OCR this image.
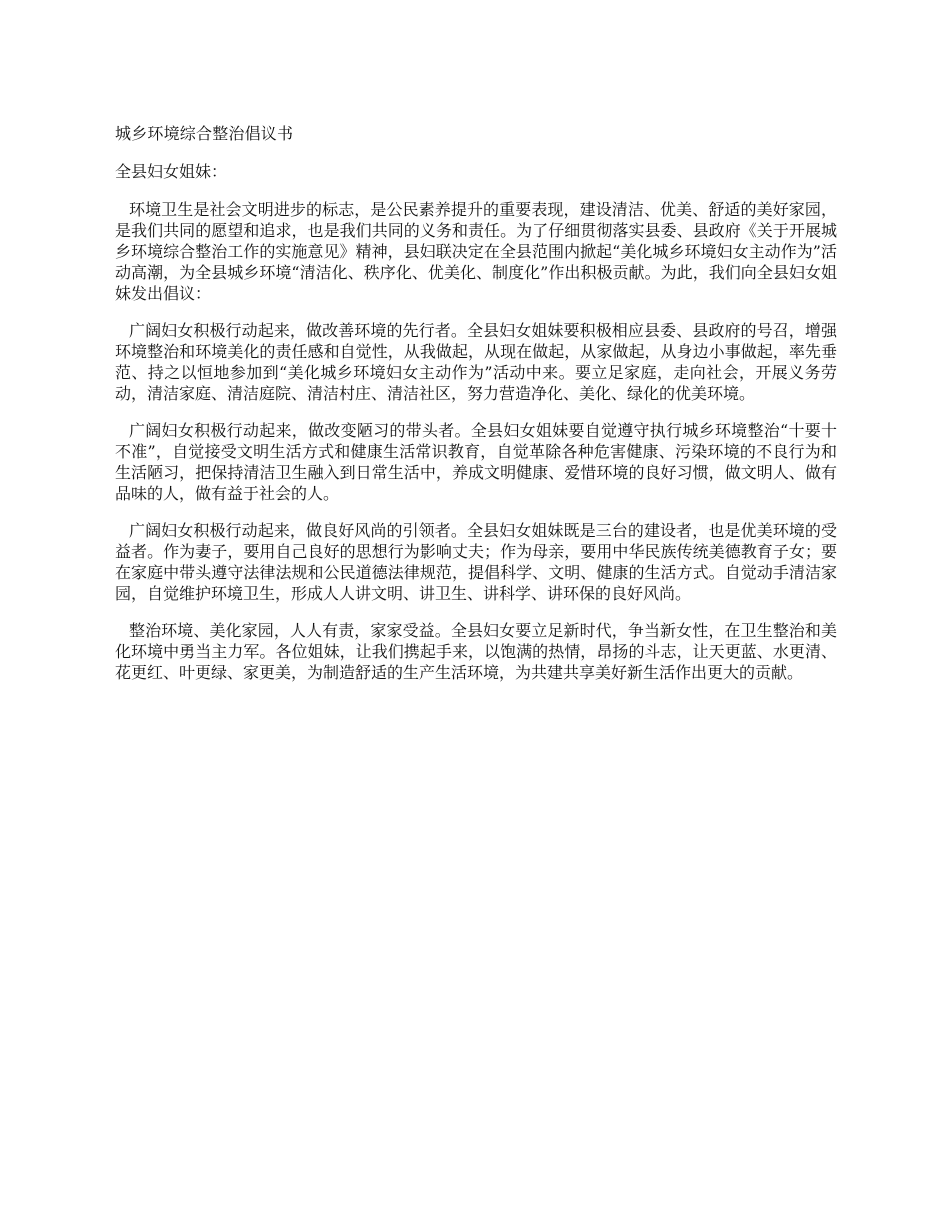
城乡环境综合整治倡议书
全县妇女姐妹：

环境卫生是社会文明进步的标志，是公民素养提升的重要表现，建设清洁、优美、舒适的美好家园，是我们共同的愿望和追求，也是我们共同的义务和责任。为了仔细贯彻落实县委、县政府《关于开展城乡环境综合整治工作的实施意见》精神，县妇联决定在全县范围内掀起“美化城乡环境妇女主动作为”活动高潮，为全县城乡环境“清洁化、秩序化、优美化、制度化”作出积极贡献。为此，我们向全县妇女姐妹发出倡议：

广阔妇女积极行动起来，做改善环境的先行者。全县妇女姐妹要积极相应县委、县政府的号召，增强环境整治和环境美化的责任感和自觉性，从我做起，从现在做起，从家做起，从身边小事做起，率先垂范、持之以恒地参加到“美化城乡环境妇女主动作为”活动中来。要立足家庭，走向社会，开展义务劳动，清洁家庭、清洁庭院、清洁村庄、清洁社区，努力营造净化、美化、绿化的优美环境。

广阔妇女积极行动起来，做改变陋习的带头者。全县妇女姐妹要自觉遵守执行城乡环境整治“十要十不准”，自觉接受文明生活方式和健康生活常识教育，自觉革除各种危害健康、污染环境的不良行为和生活陋习，把保持清洁卫生融入到日常生活中，养成文明健康、爱惜环境的良好习惯，做文明人、做有品味的人，做有益于社会的人。

广阔妇女积极行动起来，做良好风尚的引领者。全县妇女姐妹既是三台的建设者，也是优美环境的受益者。作为妻子，要用自己良好的思想行为影响丈夫；作为母亲，要用中华民族传统美德教育子女；要在家庭中带头遵守法律法规和公民道德法律规范，提倡科学、文明、健康的生活方式。自觉动手清洁家园，自觉维护环境卫生，形成人人讲文明、讲卫生、讲科学、讲环保的良好风尚。

整治环境、美化家园，人人有责，家家受益。全县妇女要立足新时代，争当新女性，在卫生整治和美化环境中勇当主力军。各位姐妹，让我们携起手来，以饱满的热情，昂扬的斗志，让天更蓝、水更清、花更红、叶更绿、家更美，为制造舒适的生产生活环境，为共建共享美好新生活作出更大的贡献。
